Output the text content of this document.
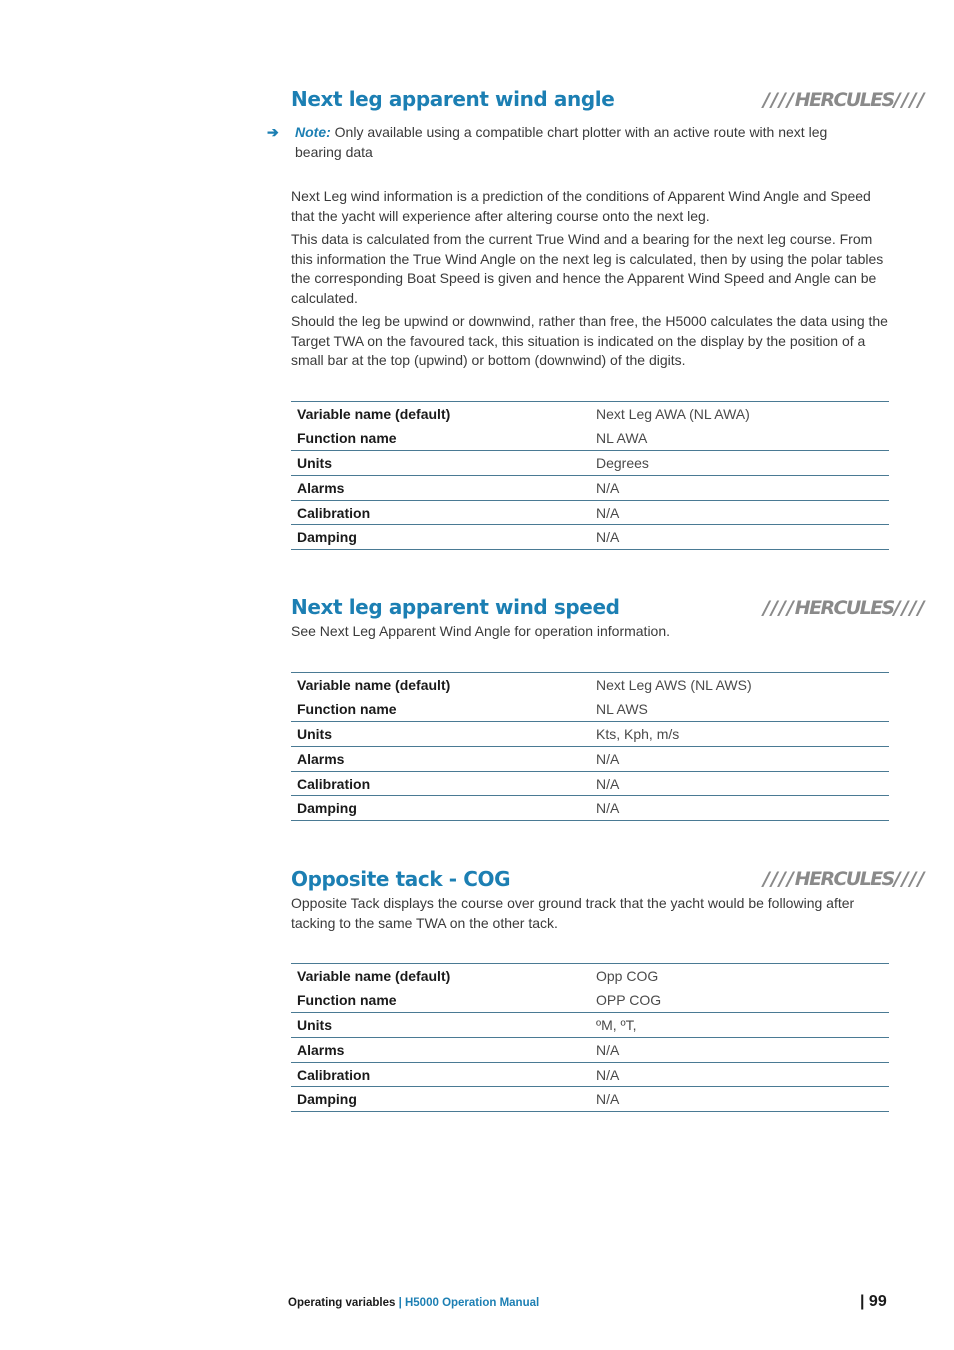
Next leg apparent wind angle	////HERCULES////
➔ Note: Only available using a compatible chart plotter with an active route with next leg bearing data

Next Leg wind information is a prediction of the conditions of Apparent Wind Angle and Speed that the yacht will experience after altering course onto the next leg.

This data is calculated from the current True Wind and a bearing for the next leg course. From this information the True Wind Angle on the next leg is calculated, then by using the polar tables the corresponding Boat Speed is given and hence the Apparent Wind Speed and Angle can be calculated.

Should the leg be upwind or downwind, rather than free, the H5000 calculates the data using the Target TWA on the favoured tack, this situation is indicated on the display by the position of a small bar at the top (upwind) or bottom (downwind) of the digits.

Variable name (default)	Next Leg AWA (NL AWA)
Function name	NL AWA
Units	Degrees
Alarms	N/A
Calibration	N/A
Damping	N/A
Next leg apparent wind speed	////HERCULES////

See Next Leg Apparent Wind Angle for operation information.

Variable name (default)	Next Leg AWS (NL AWS)
Function name	NL AWS
Units	Kts, Kph, m/s
Alarms	N/A
Calibration	N/A
Damping	N/A
Opposite tack - COG	////HERCULES////

Opposite Tack displays the course over ground track that the yacht would be following after tacking to the same TWA on the other tack.

Variable name (default)	Opp COG
Function name	OPP COG
Units	ºM, ºT,
Alarms	N/A
Calibration	N/A
Damping	N/A
Operating variables | H5000 Operation Manual	| 99
